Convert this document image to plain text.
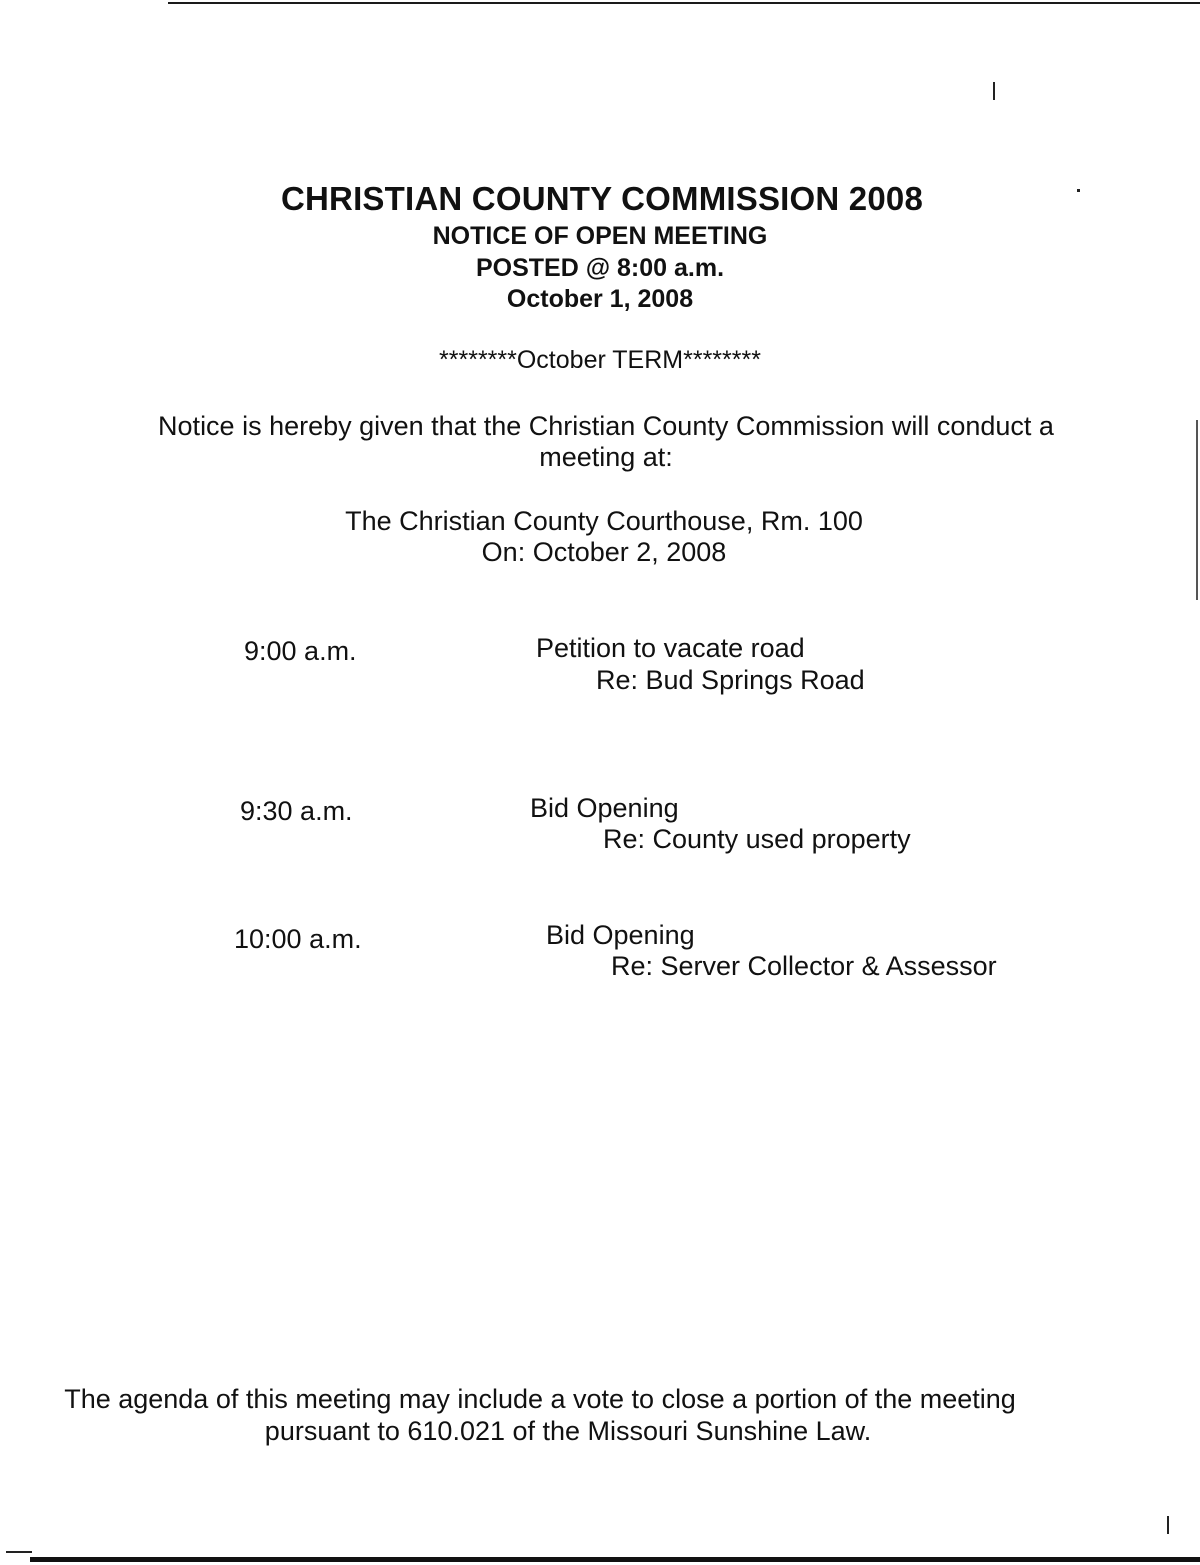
CHRISTIAN COUNTY COMMISSION 2008
NOTICE OF OPEN MEETING
POSTED @ 8:00 a.m.
October 1, 2008
********October TERM********
Notice is hereby given that the Christian County Commission will conduct a
meeting at:
The Christian County Courthouse, Rm. 100
On: October 2, 2008
9:00 a.m.	Petition to vacate road
Re: Bud Springs Road
9:30 a.m.	Bid Opening
Re: County used property
10:00 a.m.	Bid Opening
Re: Server Collector & Assessor
The agenda of this meeting may include a vote to close a portion of the meeting
pursuant to 610.021 of the Missouri Sunshine Law.
